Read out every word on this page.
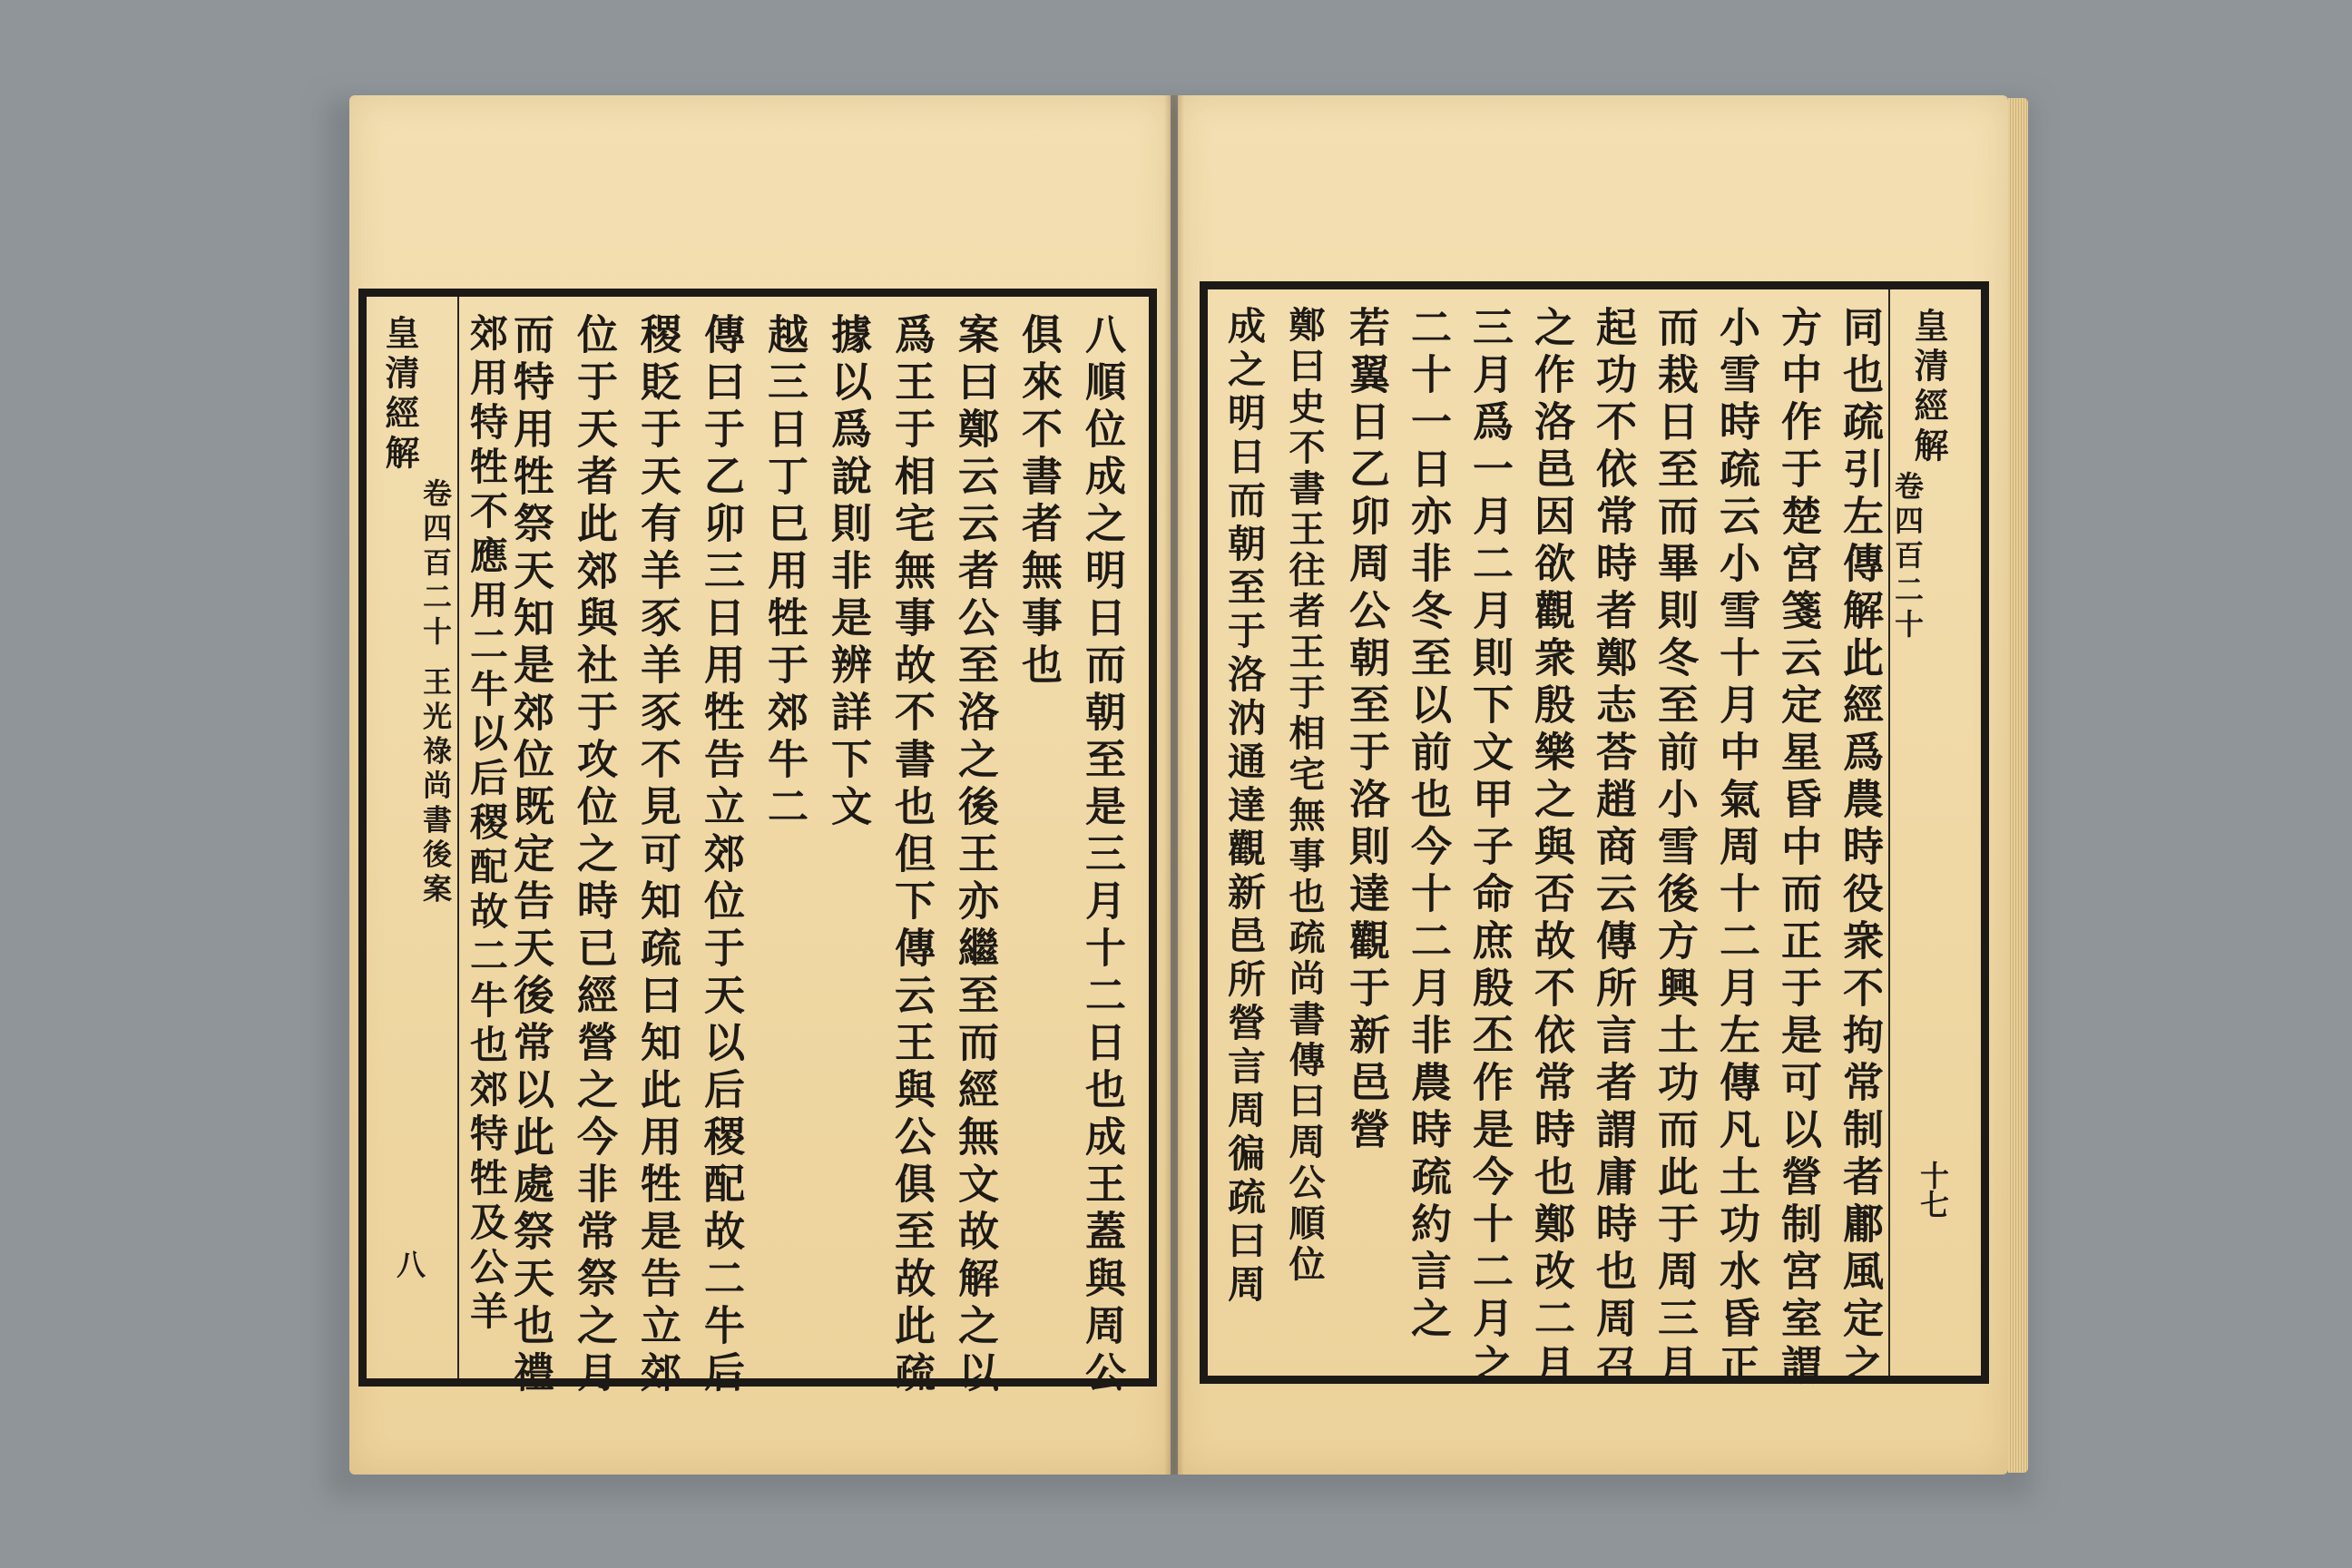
皇清經解
卷四百二十 王光祿尚書後案
八	八順位成之明日而朝至是三月十二日也成王蓋與周公
俱來不書者無事也
案曰鄭云云者公至洛之後王亦繼至而經無文故解之以
爲王于相宅無事故不書也但下傳云王與公俱至故此疏
據以爲說則非是辨詳下文
越三日丁巳用牲于郊牛二
傳曰于乙卯三日用牲告立郊位于天以后稷配故二牛后
稷貶于天有羊豕羊豕不見可知疏曰知此用牲是告立郊
位于天者此郊與社于攻位之時已經營之今非常祭之月
而特用牲祭天知是郊位既定告天後常以此處祭天也禮
郊用特牲不應用二牛以后稷配故二牛也郊特牲及公羊	皇清經解
卷四百二十
十七
同也疏引左傳解此經爲農時役衆不拘常制者鄘風定之
方中作于楚宮箋云定星昏中而正于是可以營制宮室謂
小雪時疏云小雪十月中氣周十二月左傳凡土功水昏正
而栽日至而畢則冬至前小雪後方興土功而此于周三月
起功不依常時者鄭志荅趙商云傳所言者謂庸時也周召
之作洛邑因欲觀衆殷樂之與否故不依常時也鄭改二月
三月爲一月二月則下文甲子命庶殷丕作是今十二月之
二十一日亦非冬至以前也今十二月非農時疏約言之
若翼日乙卯周公朝至于洛則達觀于新邑營
鄭曰史不書王往者王于相宅無事也疏尚書傳曰周公順位
成之明日而朝至于洛汭通達觀新邑所營言周徧疏曰周
